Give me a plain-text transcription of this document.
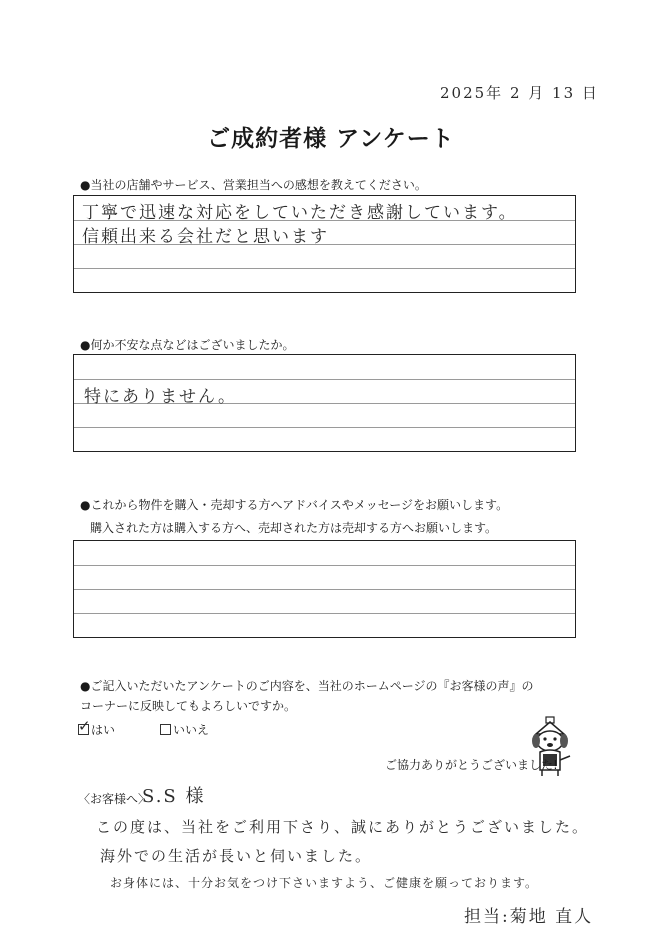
2025年 2 月 13 日
ご成約者様 アンケート
●当社の店舗やサービス、営業担当への感想を教えてください。
丁寧で迅速な対応をしていただき感謝しています。
信頼出来る会社だと思います
●何か不安な点などはございましたか。
特にありません。
●これから物件を購入・売却する方へアドバイスやメッセージをお願いします。
購入された方は購入する方へ、売却された方は売却する方へお願いします。
●ご記入いただいたアンケートのご内容を、当社のホームページの『お客様の声』の
コーナーに反映してもよろしいですか。
✓
はい	いいえ
ご協力ありがとうございました!
〈お客様へ〉
S.S 様
この度は、当社をご利用下さり、誠にありがとうございました。
海外での生活が長いと伺いました。
お身体には、十分お気をつけ下さいますよう、ご健康を願っております。
担当:菊地 直人
